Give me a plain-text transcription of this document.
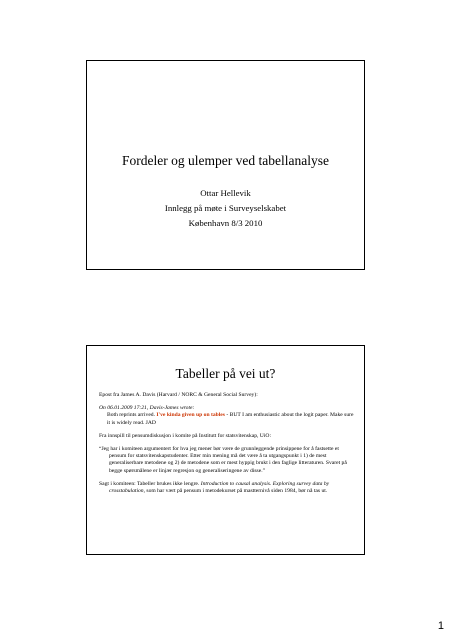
Fordeler og ulemper ved tabellanalyse
Ottar Hellevik
Innlegg på møte i Surveyselskabet
København 8/3 2010
Tabeller på vei ut?

Epost fra James A. Davis (Harvard / NORC & General Social Survey):

On 06.01.2009 17:21, Davis-James wrote:
Both reprints arrived. I've kinda given up on tables - BUT I am enthusiastic about the logit paper. Make sure it is widely read. JAD

Fra innspill til pensumdiskusjon i komite på Institutt for statsvitenskap, UiO:

“Jeg har i komiteen argumentert for hva jeg mener bør være de grunnleggende prinsippene for å fastsette et pensum for statsvitenskapstudenter. Etter min mening må det være å ta utgangspunkt i 1) de mest generaliserbare metodene og 2) de metodene som er mest hyppig brukt i den faglige litteraturen. Svaret på begge spørsmålene er linjær regresjon og generaliseringene av disse.”

Sagt i komiteen: Tabeller brukes ikke lengre. Introduction to causal analysis. Exploring survey data by crosstabulation, som har vært på pensum i metodekurset på mastternivå siden 1984, bør nå tas ut.

1
